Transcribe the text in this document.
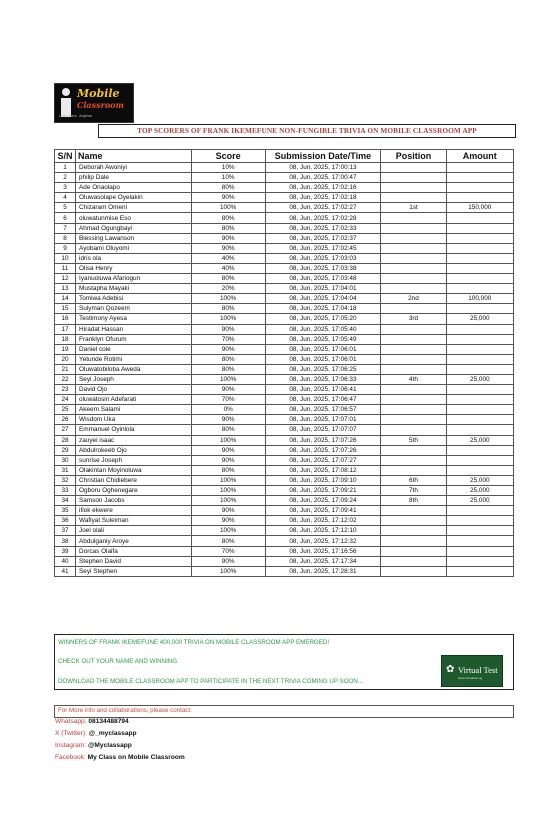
Mobile
Classroom
Learn Here . Anytime
TOP SCORERS OF FRANK IKEMEFUNE NON-FUNGIBLE TRIVIA ON MOBILE CLASSROOM APP
S/N	Name	Score	Submission Date/Time	Position	Amount
1	Deborah Awoniyi	10%	08, Jun, 2025, 17:00:13		
2	philip Dale	10%	08, Jun, 2025, 17:00:47		
3	Ade Onaolapo	80%	08, Jun, 2025, 17:02:16		
4	Oluwasolape Oyelakin	90%	08, Jun, 2025, 17:02:18		
5	Chizaram Omeni	100%	08, Jun, 2025, 17:02:27	1st	150,000
6	oluwatunmise Eso	80%	08, Jun, 2025, 17:02:28		
7	Ahmad Ogungbayi	80%	08, Jun, 2025, 17:02:33		
8	Blessing Lawanson	90%	08, Jun, 2025, 17:02:37		
9	Ayobami Oluyomi	90%	08, Jun, 2025, 17:02:45		
10	idris ola	40%	08, Jun, 2025, 17:03:03		
11	Olisa Henry	40%	08, Jun, 2025, 17:03:38		
12	Iyanuoluwa Afariogun	80%	08, Jun, 2025, 17:03:48		
13	Mustapha Mayaki	20%	08, Jun, 2025, 17:04:01		
14	Tomiwa Adebisi	100%	08, Jun, 2025, 17:04:04	2nd	100,000
15	Sulyman Qozeem	80%	08, Jun, 2025, 17:04:18		
16	Testimony Ayesa	100%	08, Jun, 2025, 17:05:20	3rd	25,000
17	Hiradat Hassan	90%	08, Jun, 2025, 17:05:40		
18	Franklyn Ofurum	70%	08, Jun, 2025, 17:05:49		
19	Daniel cole	90%	08, Jun, 2025, 17:06:01		
20	Yetunde Rotimi	80%	08, Jun, 2025, 17:06:01		
21	Oluwatobiloba Aweda	80%	08, Jun, 2025, 17:06:25		
22	Seyi Joseph	100%	08, Jun, 2025, 17:06:33	4th	25,000
23	David Ojo	90%	08, Jun, 2025, 17:06:41		
24	oluwatosin Adefarati	70%	08, Jun, 2025, 17:06:47		
25	Akeem Salami	0%	08, Jun, 2025, 17:06:57		
26	Wisdom Uka	90%	08, Jun, 2025, 17:07:01		
27	Emmanuel Oyinlola	80%	08, Jun, 2025, 17:07:07		
28	zauyei isaac	100%	08, Jun, 2025, 17:07:26	5th	25,000
29	Abdulrokeeb Ojo	90%	08, Jun, 2025, 17:07:26		
30	sunrise Joseph	90%	08, Jun, 2025, 17:07:27		
31	Olakintan Moyinoluwa	80%	08, Jun, 2025, 17:08:12		
32	Christian Chidiebere	100%	08, Jun, 2025, 17:09:10	6th	25,000
33	Ogboru Oghenegare	100%	08, Jun, 2025, 17:09:21	7th	25,000
34	Samson Jacobs	100%	08, Jun, 2025, 17:09:24	8th	25,000
35	ifiok ekwere	90%	08, Jun, 2025, 17:09:41		
36	Wafiyat Suleiman	90%	08, Jun, 2025, 17:12:02		
37	Joel olali	100%	08, Jun, 2025, 17:12:10		
38	Abdulganiy Aroye	80%	08, Jun, 2025, 17:12:32		
39	Dorcas Olaifa	70%	08, Jun, 2025, 17:16:56		
40	Stephen David	90%	08, Jun, 2025, 17:17:34		
41	Seyi Stephen	100%	08, Jun, 2025, 17:28:31		
WINNERS OF FRANK IKEMEFUNE 400,000 TRIVIA ON MOBILE CLASSROOM APP EMERGED!
CHECK OUT YOUR NAME AND WINNING.
DOWNLOAD THE MOBILE CLASSROOM APP TO PARTICIPATE IN THE NEXT TRIVIA COMING UP SOON...
✿ Virtual Test
www.virtualtest.ng
For More info and collaborations, please contact:
Whatsapp: 08134488794
X (Twitter): @_myclassapp
Instagram: @Myclassapp
Facebook: My Class on Mobile Classroom
